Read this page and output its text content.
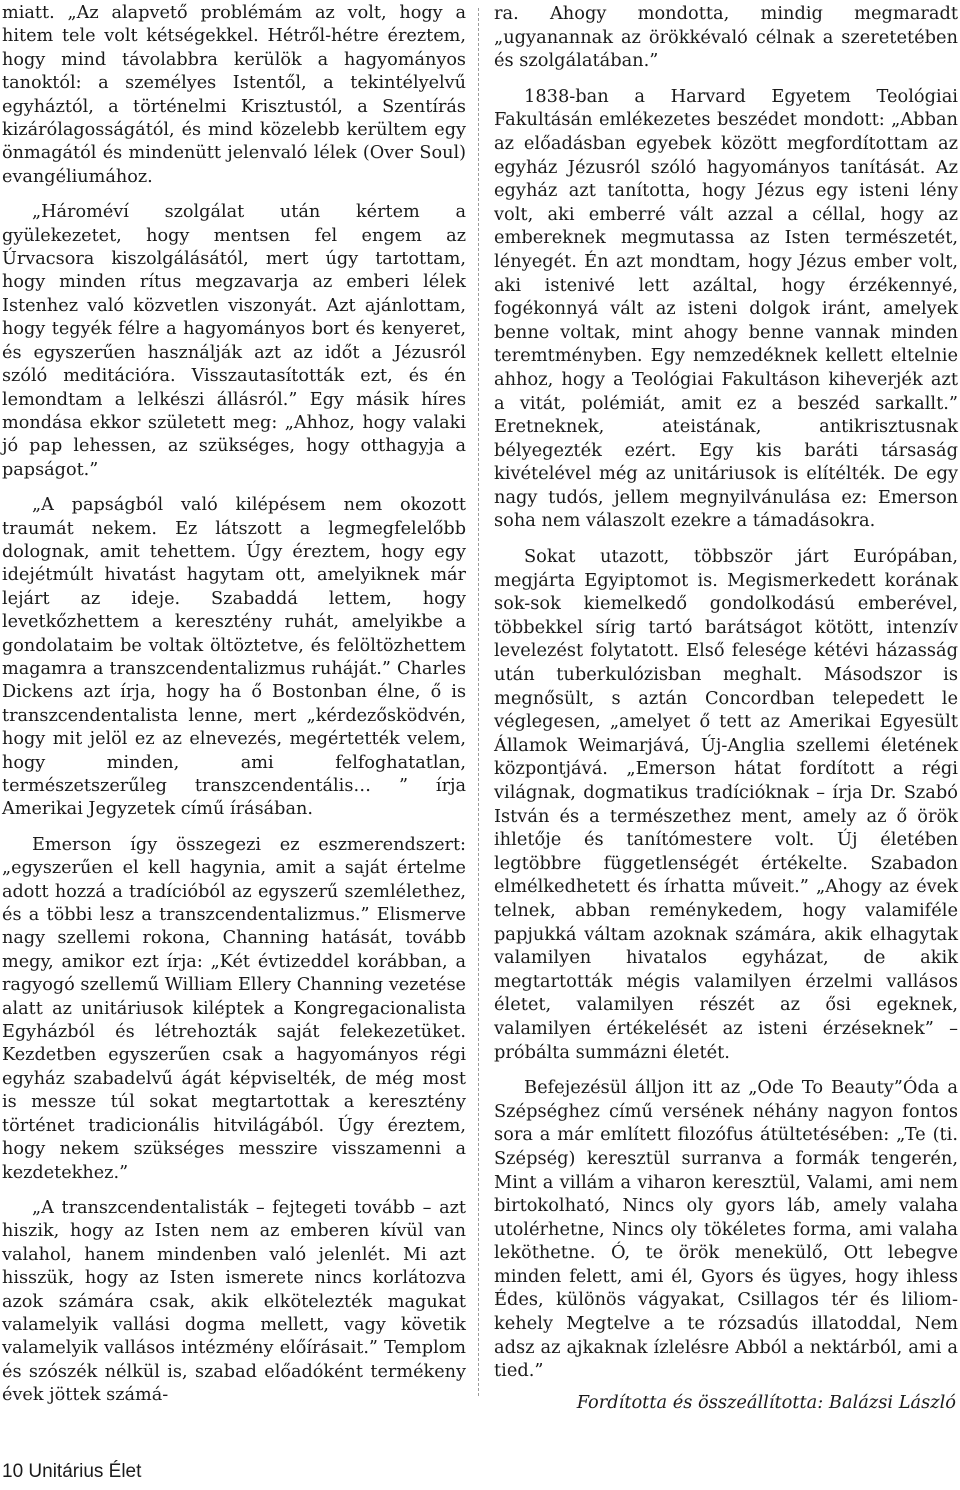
miatt. „Az alapvető problémám az volt, hogy a hitem tele volt kétségekkel. Hétről-hétre éreztem, hogy mind távolabbra kerülök a hagyományos tanoktól: a személyes Istentől, a tekintélyelvű egyháztól, a történelmi Krisztustól, a Szentírás kizárólagosságától, és mind közelebb kerültem egy önmagától és mindenütt jelenvaló lélek (Over Soul) evangéliumához.

„Hároméví szolgálat után kértem a gyülekezetet, hogy mentsen fel engem az Úrvacsora kiszolgálásától, mert úgy tartottam, hogy minden rítus megzavarja az emberi lélek Istenhez való közvetlen viszonyát. Azt ajánlottam, hogy tegyék félre a hagyományos bort és kenyeret, és egyszerűen használják azt az időt a Jézusról szóló meditációra. Visszautasították ezt, és én lemondtam a lelkészi állásról.” Egy másik híres mondása ekkor született meg: „Ahhoz, hogy valaki jó pap lehessen, az szükséges, hogy otthagyja a papságot.”

„A papságból való kilépésem nem okozott traumát nekem. Ez látszott a legmegfelelőbb dolognak, amit tehettem. Úgy éreztem, hogy egy idejétmúlt hivatást hagytam ott, amelyiknek már lejárt az ideje. Szabaddá lettem, hogy levetkőzhettem a keresztény ruhát, amelyikbe a gondolataim be voltak öltöztetve, és felöltözhettem magamra a transzcendentalizmus ruháját.” Charles Dickens azt írja, hogy ha ő Bostonban élne, ő is transzcendentalista lenne, mert „kérdezősködvén, hogy mit jelöl ez az elnevezés, megértették velem, hogy minden, ami felfoghatatlan, természetszerűleg transzcendentális… ” írja Amerikai Jegyzetek című írásában.

Emerson így összegezi ez eszmerendszert: „egyszerűen el kell hagynia, amit a saját értelme adott hozzá a tradícióból az egyszerű szemlélethez, és a többi lesz a transzcendentalizmus.” Elismerve nagy szellemi rokona, Channing hatását, tovább megy, amikor ezt írja: „Két évtizeddel korábban, a ragyogó szellemű William Ellery Channing vezetése alatt az unitáriusok kiléptek a Kongregacionalista Egyházból és létrehozták saját felekezetüket. Kezdetben egyszerűen csak a hagyományos régi egyház szabadelvű ágát képviselték, de még most is messze túl sokat megtartottak a keresztény történet tradicionális hitvilágából. Úgy éreztem, hogy nekem szükséges messzire visszamenni a kezdetekhez.”

„A transzcendentalisták – fejtegeti tovább – azt hiszik, hogy az Isten nem az emberen kívül van valahol, hanem mindenben való jelenlét. Mi azt hisszük, hogy az Isten ismerete nincs korlátozva azok számára csak, akik elkötelezték magukat valamelyik vallási dogma mellett, vagy követik valamelyik vallásos intézmény előírásait.” Templom és szószék nélkül is, szabad előadóként termékeny évek jöttek számá-

ra. Ahogy mondotta, mindig megmaradt „ugyanannak az örökkévaló célnak a szeretetében és szolgálatában.”

1838-ban a Harvard Egyetem Teológiai Fakultásán emlékezetes beszédet mondott: „Abban az előadásban egyebek között megfordítottam az egyház Jézusról szóló hagyományos tanítását. Az egyház azt tanította, hogy Jézus egy isteni lény volt, aki emberré vált azzal a céllal, hogy az embereknek megmutassa az Isten természetét, lényegét. Én azt mondtam, hogy Jézus ember volt, aki istenivé lett azáltal, hogy érzékennyé, fogékonnyá vált az isteni dolgok iránt, amelyek benne voltak, mint ahogy benne vannak minden teremtményben. Egy nemzedéknek kellett eltelnie ahhoz, hogy a Teológiai Fakultáson kiheverjék azt a vitát, polémiát, amit ez a beszéd sarkallt.” Eretneknek, ateistának, antikrisztusnak bélyegezték ezért. Egy kis baráti társaság kivételével még az unitáriusok is elítélték. De egy nagy tudós, jellem megnyilvánulása ez: Emerson soha nem válaszolt ezekre a támadásokra.

Sokat utazott, többször járt Európában, megjárta Egyiptomot is. Megismerkedett korának sok-sok kiemelkedő gondolkodású emberével, többekkel sírig tartó barátságot kötött, intenzív levelezést folytatott. Első felesége kétévi házasság után tuberkulózisban meghalt. Másodszor is megnősült, s aztán Concordban telepedett le véglegesen, „amelyet ő tett az Amerikai Egyesült Államok Weimarjává, Új-Anglia szellemi életének központjává. „Emerson hátat fordított a régi világnak, dogmatikus tradícióknak – írja Dr. Szabó István és a természethez ment, amely az ő örök ihletője és tanítómestere volt. Új életében legtöbbre függetlenségét értékelte. Szabadon elmélkedhetett és írhatta műveit.” „Ahogy az évek telnek, abban reménykedem, hogy valamiféle papjukká váltam azoknak számára, akik elhagytak valamilyen hivatalos egyházat, de akik megtartották mégis valamilyen érzelmi vallásos életet, valamilyen részét az ősi egeknek, valamilyen értékelését az isteni érzéseknek” – próbálta summázni életét.

Befejezésül álljon itt az „Ode To Beauty”Óda a Szépséghez című versének néhány nagyon fontos sora a már említett filozófus átültetésében: „Te (ti. Szépség) keresztül surranva a formák tengerén, Mint a villám a viharon keresztül, Valami, ami nem birtokolható, Nincs oly gyors láb, amely valaha utolérhetne, Nincs oly tökéletes forma, ami valaha leköthetne. Ó, te örök menekülő, Ott lebegve minden felett, ami él, Gyors és ügyes, hogy ihless Édes, különös vágyakat, Csillagos tér és liliom-kehely Megtelve a te rózsadús illatoddal, Nem adsz az ajkaknak ízlelésre Abból a nektárból, ami a tied.”

Fordította és összeállította: Balázsi László
10 Unitárius Élet
